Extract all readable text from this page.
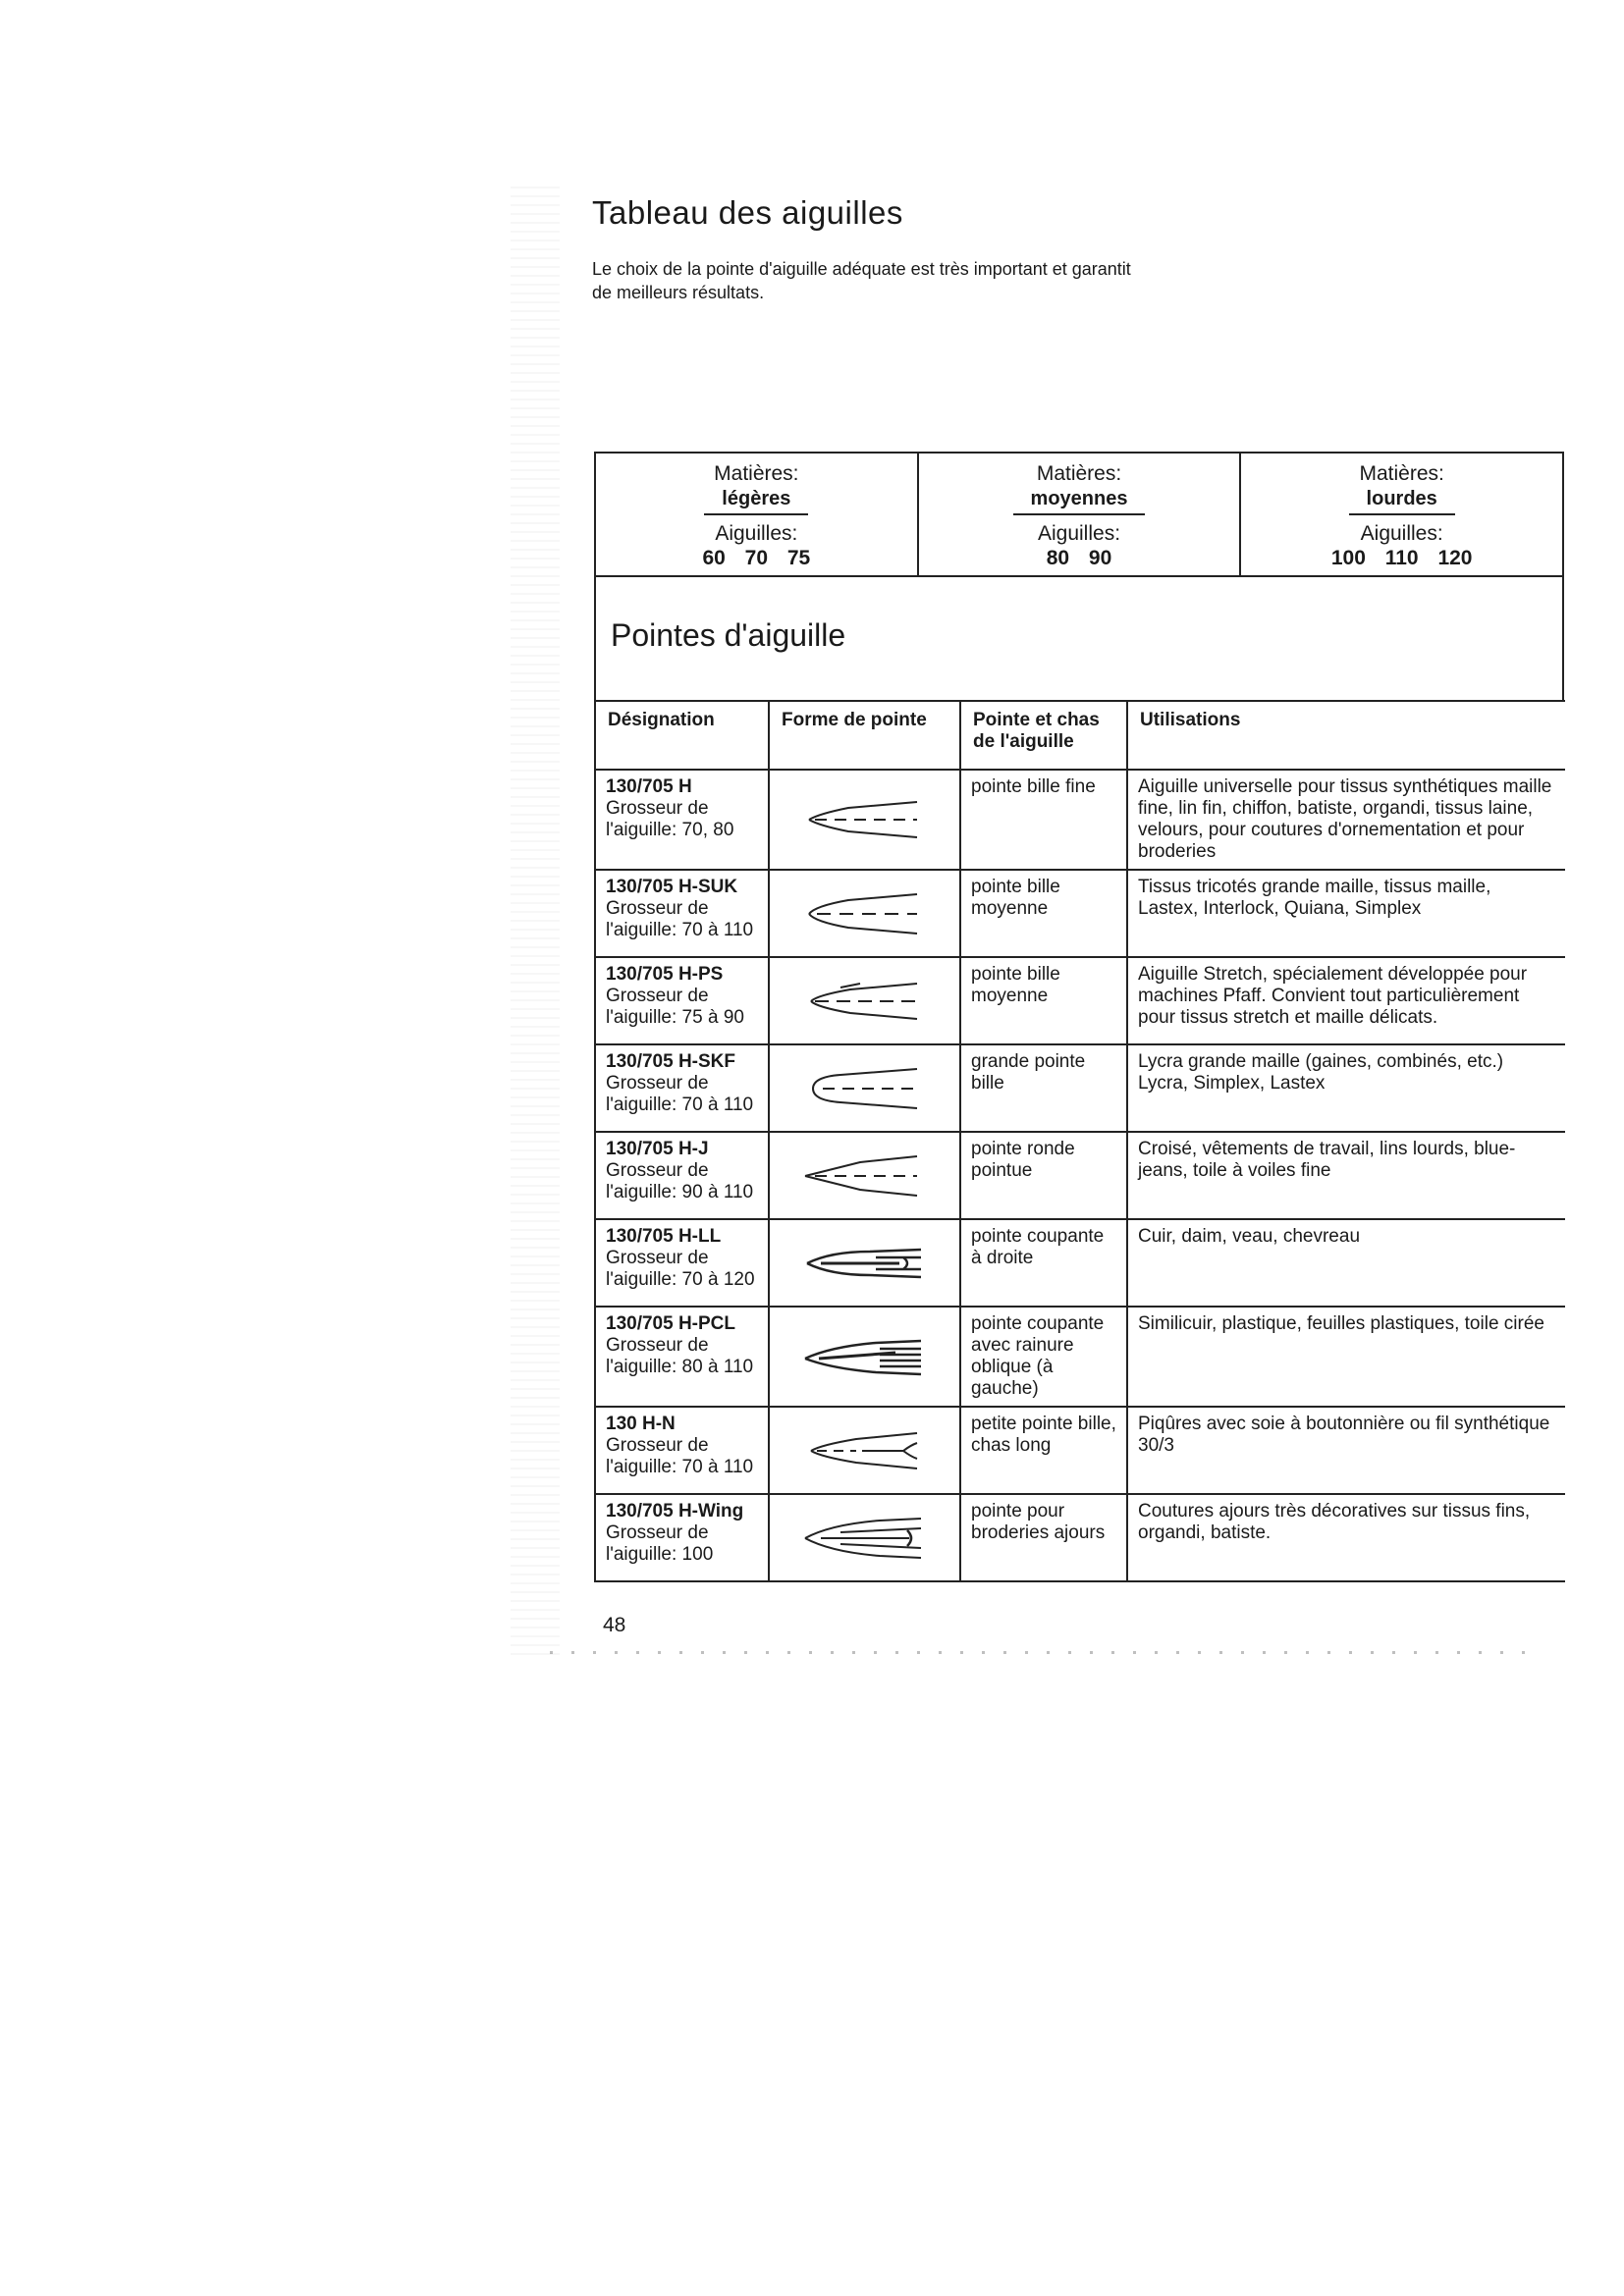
Tableau des aiguilles
Le choix de la pointe d'aiguille adéquate est très important et garantit de meilleurs résultats.
Matières:
légères
Aiguilles:
60 70 75
Matières:
moyennes
Aiguilles:
80 90
Matières:
lourdes
Aiguilles:
100 110 120
Pointes d'aiguille
Désignation	Forme de pointe	Pointe et chas de l'aiguille	Utilisations

130/705 H
Grosseur de l'aiguille: 70, 80		pointe bille fine	Aiguille universelle pour tissus synthétiques maille fine, lin fin, chiffon, batiste, organdi, tissus laine, velours, pour coutures d'ornementation et pour broderies

130/705 H-SUK
Grosseur de l'aiguille: 70 à 110		pointe bille moyenne	Tissus tricotés grande maille, tissus maille, Lastex, Interlock, Quiana, Simplex

130/705 H-PS
Grosseur de l'aiguille: 75 à 90		pointe bille moyenne	Aiguille Stretch, spécialement développée pour machines Pfaff. Convient tout particulièrement pour tissus stretch et maille délicats.

130/705 H-SKF
Grosseur de l'aiguille: 70 à 110		grande pointe bille	Lycra grande maille (gaines, combinés, etc.) Lycra, Simplex, Lastex

130/705 H-J
Grosseur de l'aiguille: 90 à 110		pointe ronde pointue	Croisé, vêtements de travail, lins lourds, blue-jeans, toile à voiles fine

130/705 H-LL
Grosseur de l'aiguille: 70 à 120		pointe coupante à droite	Cuir, daim, veau, chevreau

130/705 H-PCL
Grosseur de l'aiguille: 80 à 110		pointe coupante avec rainure oblique (à gauche)	Similicuir, plastique, feuilles plastiques, toile cirée

130 H-N
Grosseur de l'aiguille: 70 à 110		petite pointe bille, chas long	Piqûres avec soie à boutonnière ou fil synthétique 30/3

130/705 H-Wing
Grosseur de l'aiguille: 100		pointe pour broderies ajours	Coutures ajours très décoratives sur tissus fins, organdi, batiste.
48
